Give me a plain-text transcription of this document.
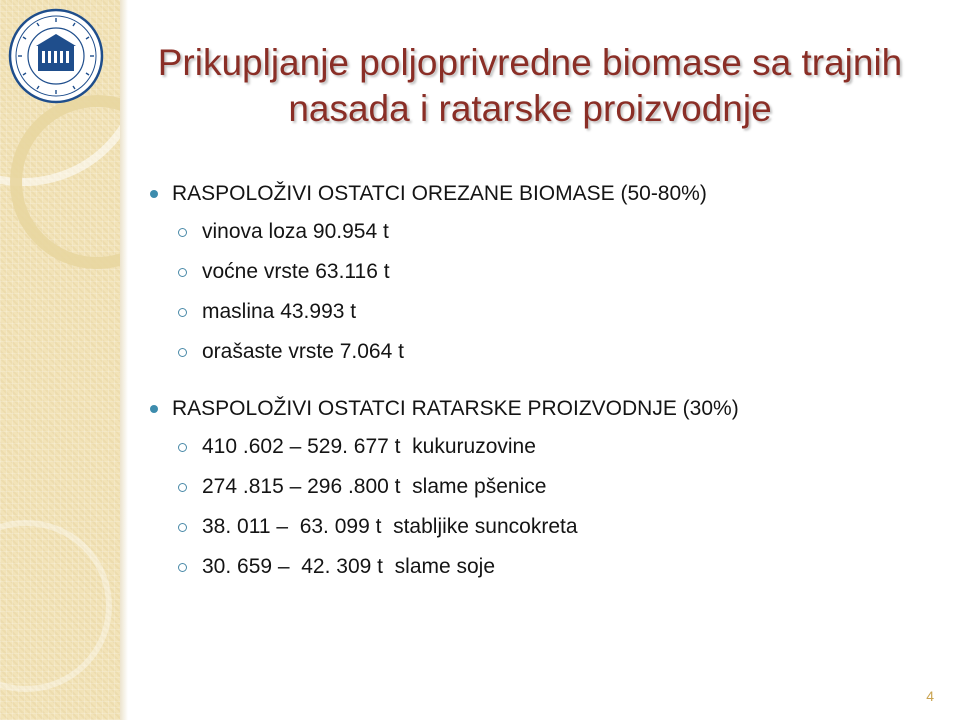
Prikupljanje poljoprivredne biomase sa trajnih nasada i ratarske proizvodnje
RASPOLOŽIVI OSTATCI OREZANE BIOMASE (50-80%)
vinova loza 90.954 t
voćne vrste 63.116 t
maslina 43.993 t
orašaste vrste 7.064 t
RASPOLOŽIVI OSTATCI RATARSKE PROIZVODNJE (30%)
410 .602 – 529. 677 t  kukuruzovine
274 .815 – 296 .800 t  slame pšenice
38. 011 –  63. 099 t  stabljike suncokreta
30. 659 –  42. 309 t  slame soje
4
